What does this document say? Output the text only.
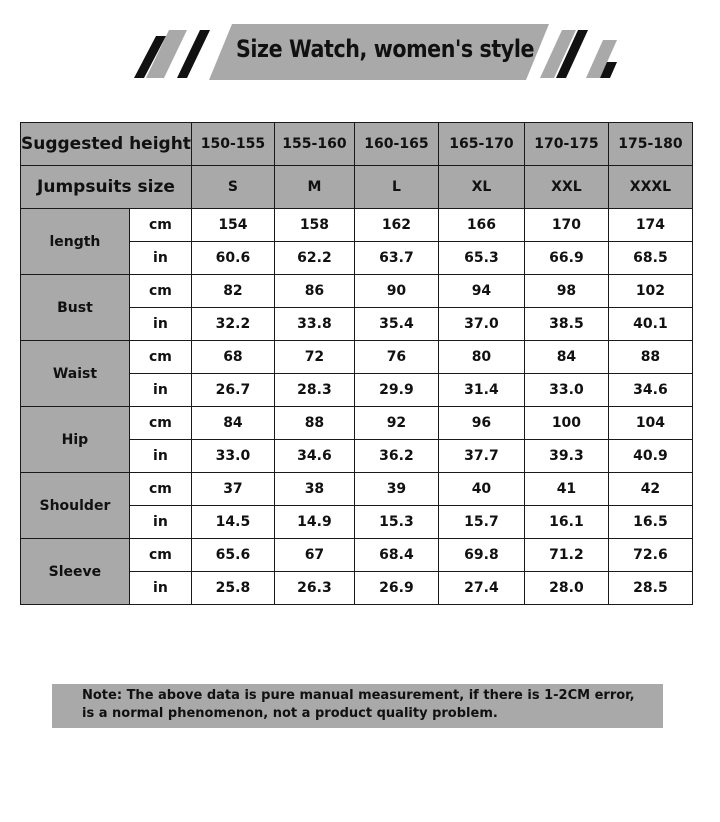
Size Watch, women's style
Suggested height		150-155	155-160	160-165	165-170	170-175	175-180
Jumpsuits size		S	M	L	XL	XXL	XXXL
length	cm	154	158	162	166	170	174
	in	60.6	62.2	63.7	65.3	66.9	68.5
Bust	cm	82	86	90	94	98	102
	in	32.2	33.8	35.4	37.0	38.5	40.1
Waist	cm	68	72	76	80	84	88
	in	26.7	28.3	29.9	31.4	33.0	34.6
Hip	cm	84	88	92	96	100	104
	in	33.0	34.6	36.2	37.7	39.3	40.9
Shoulder	cm	37	38	39	40	41	42
	in	14.5	14.9	15.3	15.7	16.1	16.5
Sleeve	cm	65.6	67	68.4	69.8	71.2	72.6
	in	25.8	26.3	26.9	27.4	28.0	28.5
Note: The above data is pure manual measurement, if there is 1-2CM error,
is a normal phenomenon, not a product quality problem.
